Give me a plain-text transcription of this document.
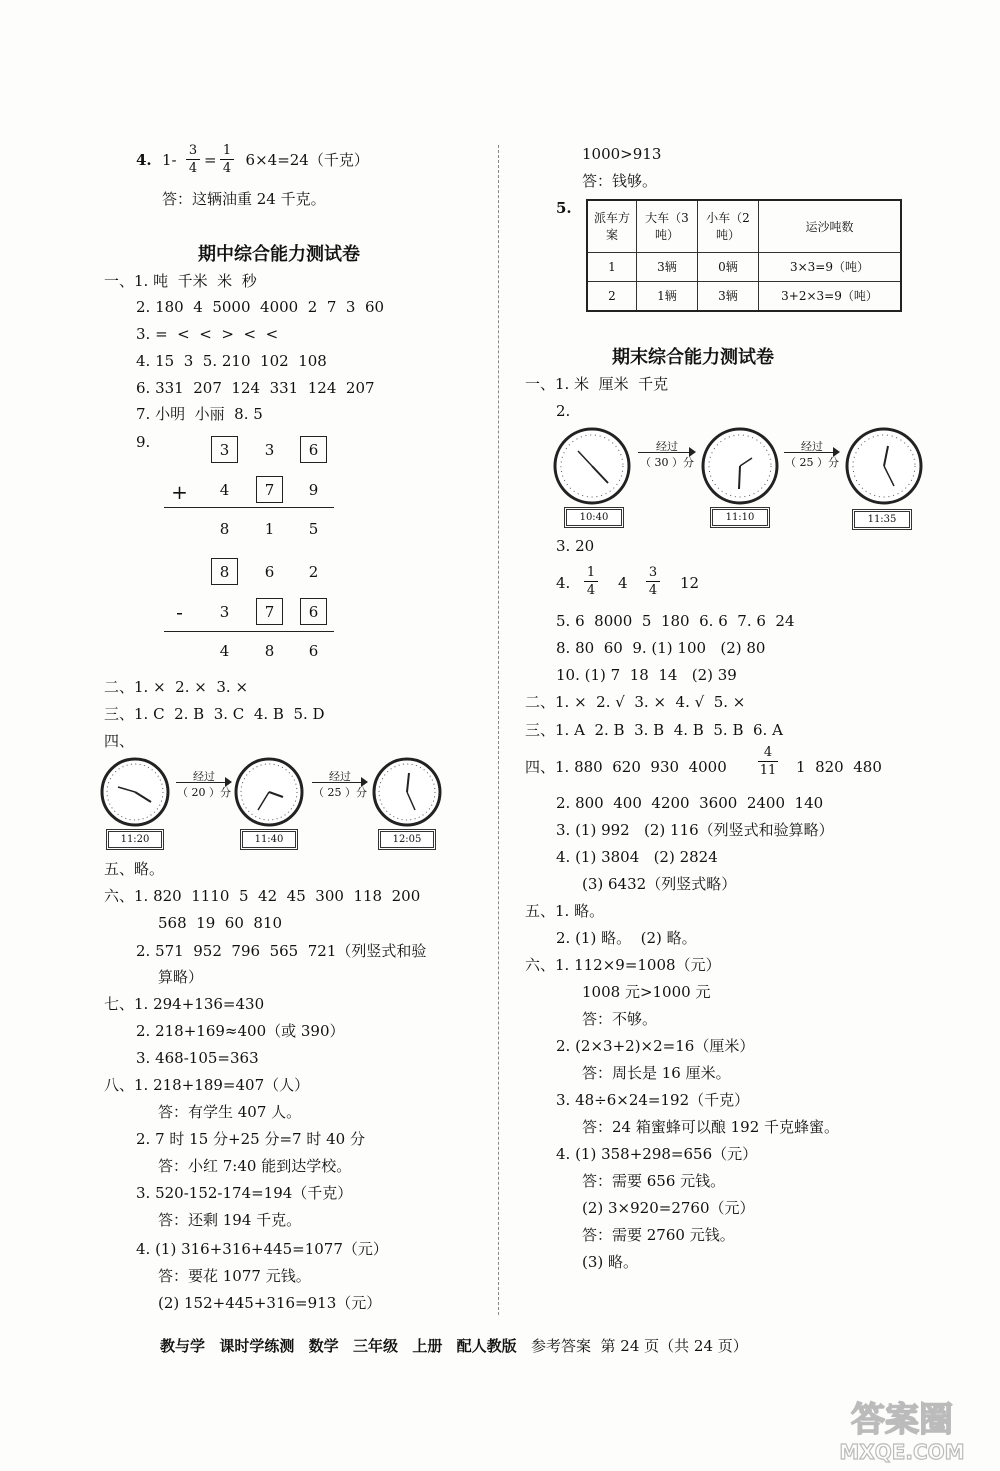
4. 1-
3
4 =
1
4 6×4=24（千克）
答：这辆油重 24 千克。
期中综合能力测试卷
一、1. 吨  千米  米  秒
2. 180  4  5000  4000  2  7  3  60
3. =  <  <  >  <  <
4. 15  3  5. 210  102  108
6. 331  207  124  331  124  207
7. 小明  小丽  8. 5
9.	3	3	6
+	4	7	9
8	1	5
8	6	2
-	3	7	6
4	8	6
二、1. ×  2. ×  3. ×
三、1. C  2. B  3. C  4. B  5. D
四、
11:20
经过
（ 20 ）分
11:40
经过
（ 25 ）分
12:05
五、略。
六、1. 820  1110  5  42  45  300  118  200
568  19  60  810
2. 571  952  796  565  721（列竖式和验
算略）
七、1. 294+136=430
2. 218+169≈400（或 390）
3. 468-105=363
八、1. 218+189=407（人）
答：有学生 407 人。
2. 7 时 15 分+25 分=7 时 40 分
答：小红 7:40 能到达学校。
3. 520-152-174=194（千克）
答：还剩 194 千克。
4. (1) 316+316+445=1077（元）
答：要花 1077 元钱。
(2) 152+445+316=913（元）
1000>913
答：钱够。
5.
派车方案	大车（3吨）	小车（2吨）	运沙吨数
1	3辆	0辆	3×3=9（吨）
2	1辆	3辆	3+2×3=9（吨）
期末综合能力测试卷
一、1. 米  厘米  千克
2.
10:40
经过
（ 30 ）分
11:10
经过
（ 25 ）分
11:35
3. 20
4.
1
4 4
3
4 12
5. 6  8000  5  180  6. 6  7. 6  24
8. 80  60  9. (1) 100   (2) 80
10. (1) 7  18  14   (2) 39
二、1. ×  2. √  3. ×  4. √  5. ×
三、1. A  2. B  3. B  4. B  5. B  6. A
四、1. 880  620  930  4000
4
11 1  820  480
2. 800  400  4200  3600  2400  140
3. (1) 992   (2) 116（列竖式和验算略）
4. (1) 3804   (2) 2824
(3) 6432（列竖式略）
五、1. 略。
2. (1) 略。  (2) 略。
六、1. 112×9=1008（元）
1008 元>1000 元
答：不够。
2. (2×3+2)×2=16（厘米）
答：周长是 16 厘米。
3. 48÷6×24=192（千克）
答：24 箱蜜蜂可以酿 192 千克蜂蜜。
4. (1) 358+298=656（元）
答：需要 656 元钱。
(2) 3×920=2760（元）
答：需要 2760 元钱。
(3) 略。
教与学 课时学练测 数学 三年级 上册 配人教版 参考答案  第 24 页（共 24 页）
答案圈
MXQE.COM
